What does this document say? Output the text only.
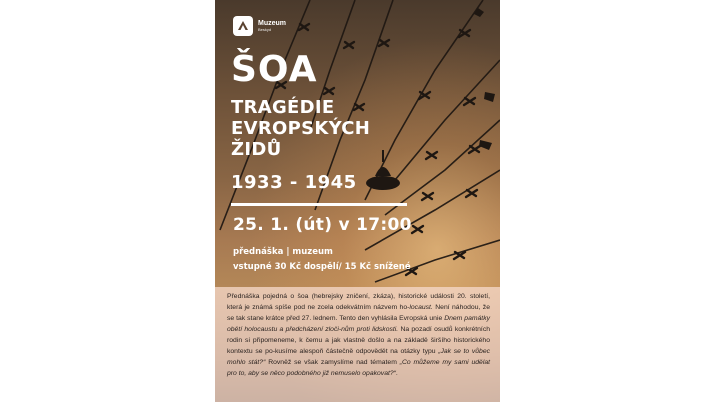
Muzeum
Beskyd
ŠOA
TRAGÉDIE
EVROPSKÝCH
ŽIDŮ
1933 - 1945
25. 1. (út) v 17:00
přednáška | muzeum
vstupné 30 Kč dospělí/ 15 Kč snížené
Přednáška pojedná o šoa (hebrejsky zničení, zkáza), historické události 20. století, která je známá spíše pod ne zcela odekvátním názvem ho-locaust. Není náhodou, že se tak stane krátce před 27. lednem. Tento den vyhlásila Evropská unie Dnem památky obětí holocaustu a předcházení zloči-nům proti lidskosti. Na pozadí osudů konkrétních rodin si připomeneme, k čemu a jak vlastně došlo a na základě širšího historického kontextu se po-kusíme alespoň částečně odpovědět na otázky typu „Jak se to vůbec mohlo stát?“ Rovněž se však zamyslíme nad tématem „Co můžeme my sami udělat pro to, aby se něco podobného již nemuselo opakovat?“.
